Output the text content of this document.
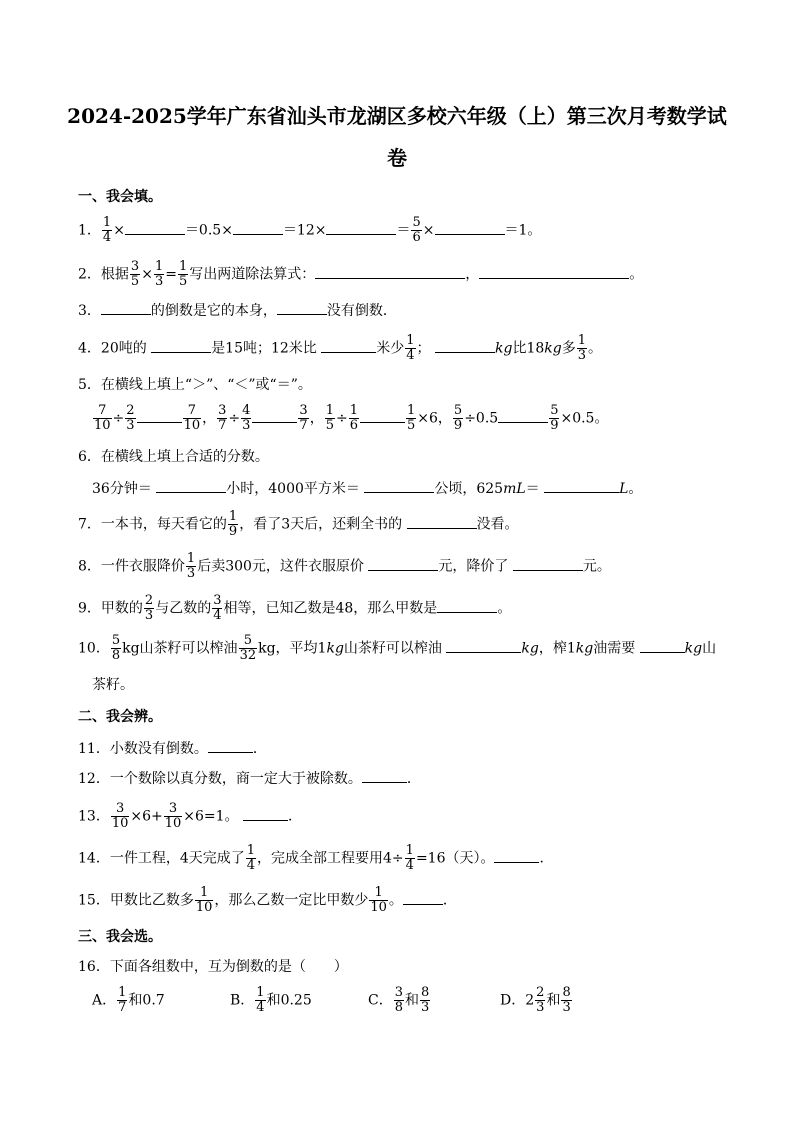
2024-2025学年广东省汕头市龙湖区多校六年级（上）第三次月考数学试
卷
一、我会填。
1． $\frac{1}{4}$ ×	＝0.5×	＝12×	＝ $\frac{5}{6}$ ×	＝1。
2．根据 $\frac{3}{5} \times \frac{1}{3} = \frac{1}{5}$ 写出两道除法算式：	，	。
3．	的倒数是它的本身，	没有倒数．
4．20吨的	是15吨；12米比	米少 $\frac{1}{4}$ ；	kg比18kg多 $\frac{1}{3}$ 。
5．在横线上填上“＞”、“＜”或“＝”。
$\frac{7}{10} \div \frac{2}{3}$	$\frac{7}{10}$ ， $\frac{3}{7} \div \frac{4}{3}$	$\frac{3}{7}$ ， $\frac{1}{5} \div \frac{1}{6}$	$\frac{1}{5} \times 6$， $\frac{5}{9} \div 0.5$	$\frac{5}{9} \times 0.5$。
6．在横线上填上合适的分数。
36分钟＝	小时，4000平方米＝	公顷，625mL＝	L。
7．一本书，每天看它的 $\frac{1}{9}$ ，看了3天后，还剩全书的	没看。
8．一件衣服降价 $\frac{1}{3}$ 后卖300元，这件衣服原价	元，降价了	元。
9．甲数的 $\frac{2}{3}$ 与乙数的 $\frac{3}{4}$ 相等，已知乙数是48，那么甲数是	。
10． $\frac{5}{8}$ kg山茶籽可以榨油 $\frac{5}{32}$ kg，平均1kg山茶籽可以榨油	kg，榨1kg油需要	kg山
茶籽。
二、我会辨。
11．小数没有倒数。	．
12．一个数除以真分数，商一定大于被除数。	．
13． $\frac{3}{10} \times 6+ \frac{3}{10} \times 6=1$。	．
14．一件工程，4天完成了 $\frac{1}{4}$ ，完成全部工程要用$4\div \frac{1}{4} =16$（天）。	．
15．甲数比乙数多 $\frac{1}{10}$ ，那么乙数一定比甲数少 $\frac{1}{10}$ 。	．
三、我会选。
16．下面各组数中，互为倒数的是（　　）
A． $\frac{1}{7}$ 和0.7	B． $\frac{1}{4}$ 和0.25	C． $\frac{3}{8}$ 和 $\frac{8}{3}$	D．$2 \frac{2}{3}$ 和 $\frac{8}{3}$
